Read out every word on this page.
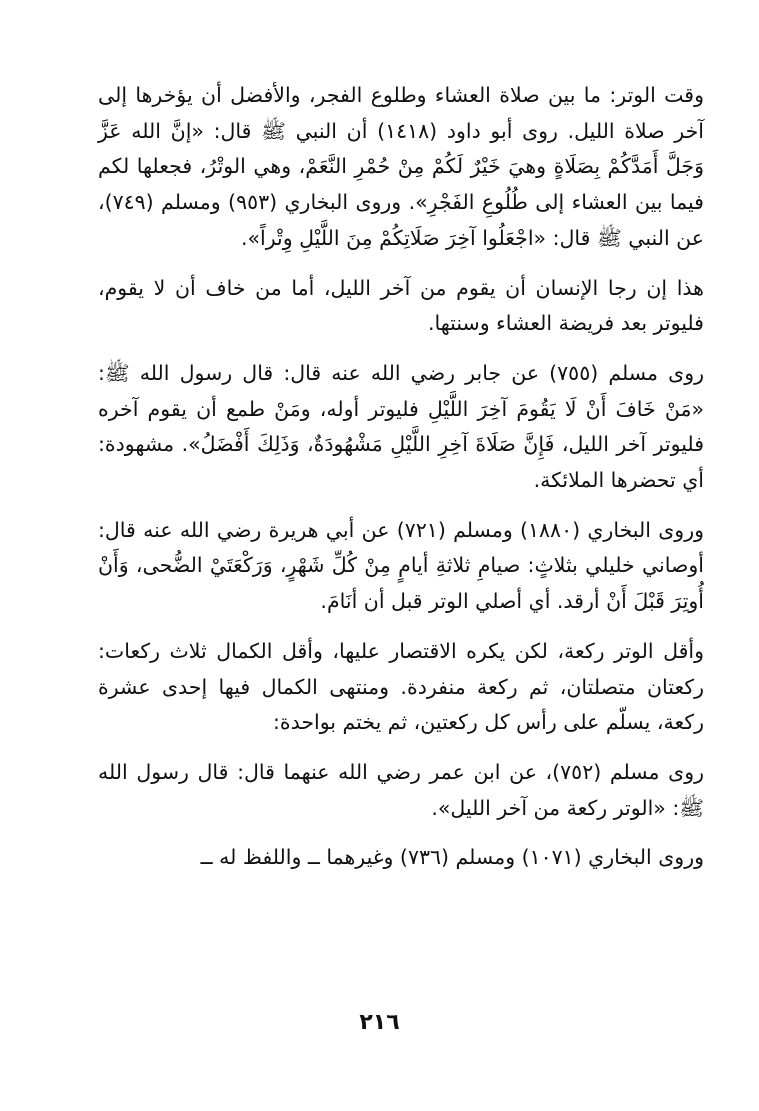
وقت الوتر: ما بين صلاة العشاء وطلوع الفجر، والأفضل أن يؤخرها إلى آخر صلاة الليل. روى أبو داود (١٤١٨) أن النبي ﷺ قال: «إنَّ الله عَزَّ وَجَلَّ أَمَدَّكُمْ بِصَلَاةٍ وهيَ خَيْرٌ لَكُمْ مِنْ حُمْرِ النَّعَمْ، وهي الوتْرُ، فجعلها لكم فيما بين العشاء إلى طُلُوعِ الفَجْرِ». وروى البخاري (٩٥٣) ومسلم (٧٤٩)، عن النبي ﷺ قال: «اجْعَلُوا آخِرَ صَلَاتِكُمْ مِنَ اللَّيْلِ وِتْراً».

هذا إن رجا الإنسان أن يقوم من آخر الليل، أما من خاف أن لا يقوم، فليوتر بعد فريضة العشاء وسنتها.

روى مسلم (٧٥٥) عن جابر رضي الله عنه قال: قال رسول الله ﷺ: «مَنْ خَافَ أَنْ لَا يَقُومَ آخِرَ اللَّيْلِ فليوتر أوله، ومَنْ طمع أن يقوم آخره فليوتر آخر الليل، فَإِنَّ صَلَاةَ آخِرِ اللَّيْلِ مَشْهُودَةٌ، وَذَلِكَ أَفْضَلُ». مشهودة: أي تحضرها الملائكة.

وروى البخاري (١٨٨٠) ومسلم (٧٢١) عن أبي هريرة رضي الله عنه قال: أوصاني خليلي بثلاثٍ: صيامِ ثلاثةِ أيامٍ مِنْ كُلِّ شَهْرٍ، وَرَكْعَتَيْ الضُّحى، وَأَنْ أُوتِرَ قَبْلَ أَنْ أرقد. أي أصلي الوتر قبل أن أنَامَ.

وأقل الوتر ركعة، لكن يكره الاقتصار عليها، وأقل الكمال ثلاث ركعات: ركعتان متصلتان، ثم ركعة منفردة. ومنتهى الكمال فيها إحدى عشرة ركعة، يسلّم على رأس كل ركعتين، ثم يختم بواحدة:

روى مسلم (٧٥٢)، عن ابن عمر رضي الله عنهما قال: قال رسول الله ﷺ: «الوتر ركعة من آخر الليل».

وروى البخاري (١٠٧١) ومسلم (٧٣٦) وغيرهما ــ واللفظ له ــ

٢١٦
